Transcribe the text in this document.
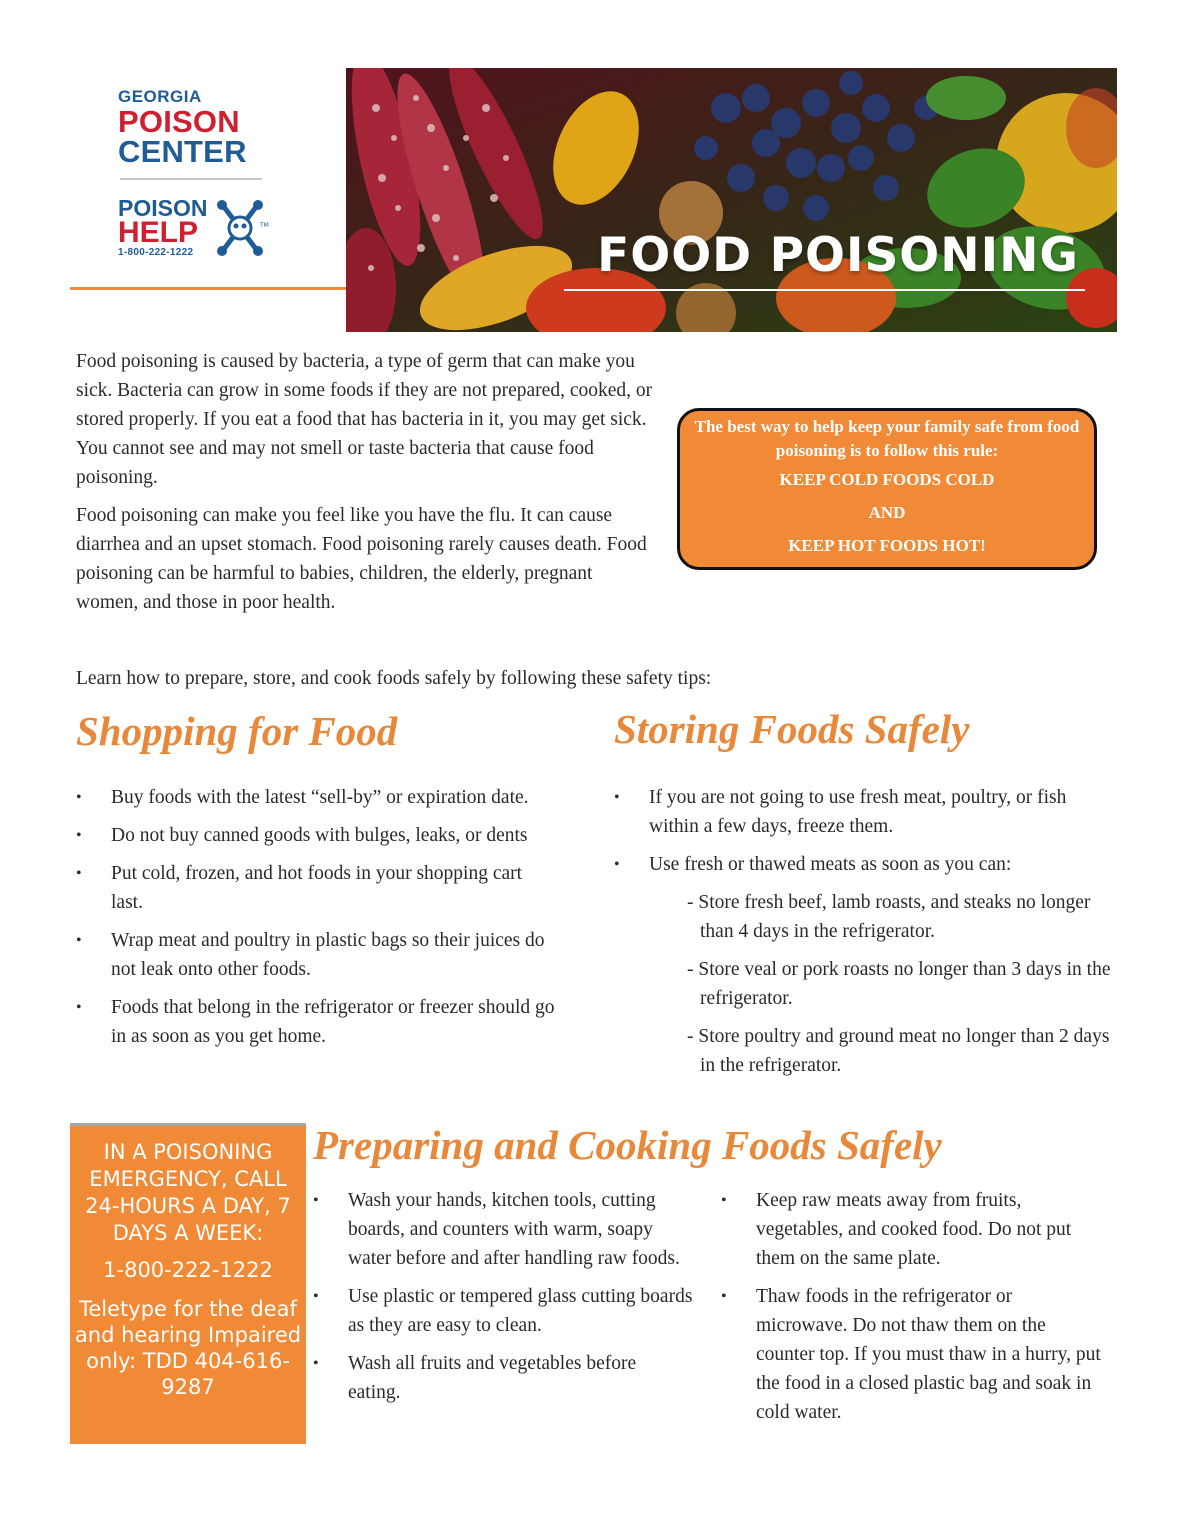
GEORGIA
POISON
CENTER
POISON
HELP
1-800-222-1222
TM
FOOD POISONING

Food poisoning is caused by bacteria, a type of germ that can make you sick. Bacteria can grow in some foods if they are not prepared, cooked, or stored properly. If you eat a food that has bacteria in it, you may get sick. You cannot see and may not smell or taste bacteria that cause food poisoning.

Food poisoning can make you feel like you have the flu. It can cause diarrhea and an upset stomach. Food poisoning rarely causes death. Food poisoning can be harmful to babies, children, the elderly, pregnant women, and those in poor health.

The best way to help keep your family safe from food poisoning is to follow this rule:
KEEP COLD FOODS COLD
AND
KEEP HOT FOODS HOT!
Learn how to prepare, store, and cook foods safely by following these safety tips:
Shopping for Food
• Buy foods with the latest “sell-by” or expiration date.
• Do not buy canned goods with bulges, leaks, or dents
• Put cold, frozen, and hot foods in your shopping cart last.
• Wrap meat and poultry in plastic bags so their juices do not leak onto other foods.
• Foods that belong in the refrigerator or freezer should go in as soon as you get home.
Storing Foods Safely
• If you are not going to use fresh meat, poultry, or fish within a few days, freeze them.
• Use fresh or thawed meats as soon as you can:
- Store fresh beef, lamb roasts, and steaks no longer than 4 days in the refrigerator.
- Store veal or pork roasts no longer than 3 days in the refrigerator.
- Store poultry and ground meat no longer than 2 days in the refrigerator.
IN A POISONING EMERGENCY, CALL 24-HOURS A DAY, 7 DAYS A WEEK:
1-800-222-1222
Teletype for the deaf and hearing Impaired only: TDD 404-616-9287
Preparing and Cooking Foods Safely
• Wash your hands, kitchen tools, cutting boards, and counters with warm, soapy water before and after handling raw foods.
• Use plastic or tempered glass cutting boards as they are easy to clean.
• Wash all fruits and vegetables before eating.
• Keep raw meats away from fruits, vegetables, and cooked food. Do not put them on the same plate.
• Thaw foods in the refrigerator or microwave. Do not thaw them on the counter top. If you must thaw in a hurry, put the food in a closed plastic bag and soak in cold water.
